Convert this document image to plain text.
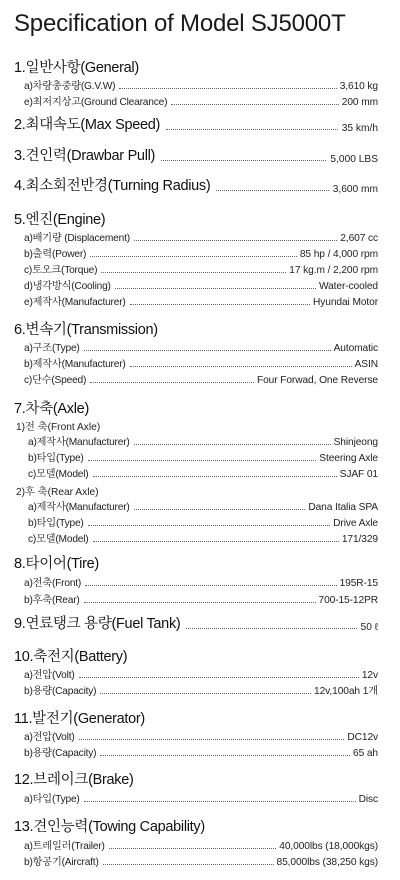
Specification of Model SJ5000T
1.일반사항(General)
a)차량총중량(G.V.W)	3,610 kg
e)최저지상고(Ground Clearance)	200 mm
2.최대속도(Max Speed)	35 km/h
3.견인력(Drawbar Pull)	5,000 LBS
4.최소회전반경(Turning Radius)	3,600 mm
5.엔진(Engine)
a)배기량 (Displacement)	2,607 cc
b)출력(Power)	85 hp / 4,000 rpm
c)토오크(Torque)	17 kg.m / 2,200 rpm
d)냉각방식(Cooling)	Water-cooled
e)제작사(Manufacturer)	Hyundai Motor
6.변속기(Transmission)
a)구조(Type)	Automatic
b)제작사(Manufacturer)	ASIN
c)단수(Speed)	Four Forwad, One Reverse
7.차축(Axle)
1)전 축(Front Axle)
a)제작사(Manufacturer)	Shinjeong
b)타입(Type)	Steering Axle
c)모델(Model)	SJAF 01
2)후 축(Rear Axle)
a)제작사(Manufacturer)	Dana Italia SPA
b)타입(Type)	Drive Axle
c)모델(Model)	171/329
8.타이어(Tire)
a)전축(Front)	195R-15
b)후축(Rear)	700-15-12PR
9.연료탱크 용량(Fuel Tank)	50 ℓ
10.축전지(Battery)
a)전압(Volt)	12v
b)용량(Capacity)	12v,100ah 1개
11.발전기(Generator)
a)전압(Volt)	DC12v
b)용량(Capacity)	65 ah
12.브레이크(Brake)
a)타입(Type)	Disc
13.견인능력(Towing Capability)
a)트레일러(Trailer)	40,000lbs (18,000kgs)
b)항공기(Aircraft)	85,000lbs (38,250 kgs)
